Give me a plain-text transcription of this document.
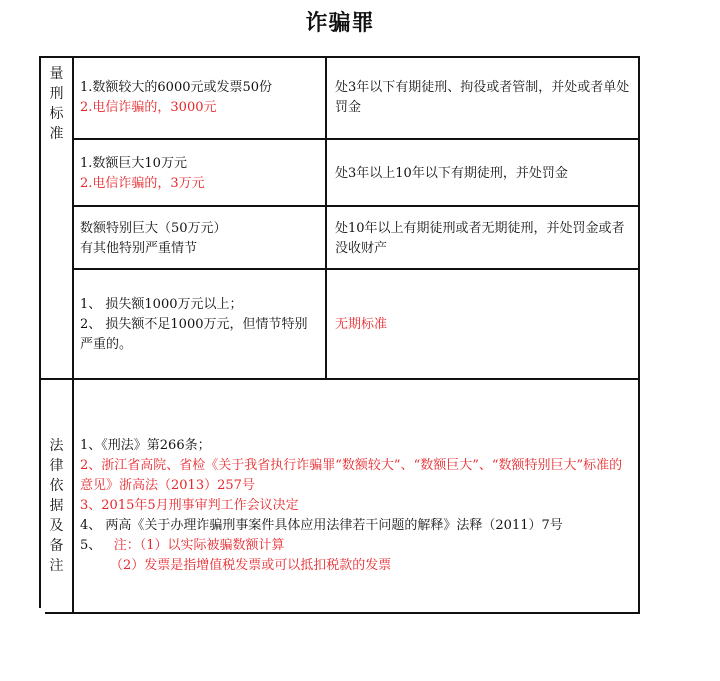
诈骗罪
量
刑
标
准
1.数额较大的6000元或发票50份
2.电信诈骗的，3000元
处3年以下有期徒刑、拘役或者管制，并处或者单处罚金
1.数额巨大10万元
2.电信诈骗的，3万元
处3年以上10年以下有期徒刑，并处罚金
数额特别巨大（50万元）
有其他特别严重情节
处10年以上有期徒刑或者无期徒刑，并处罚金或者没收财产
1、 损失额1000万元以上；
2、 损失额不足1000万元，但情节特别严重的。
无期标准
法
律
依
据
及
备
注
1、《刑法》第266条；
2、浙江省高院、省检《关于我省执行诈骗罪“数额较大”、“数额巨大”、“数额特别巨大”标准的意见》浙高法（2013）257号
3、2015年5月刑事审判工作会议决定
4、 两高《关于办理诈骗刑事案件具体应用法律若干问题的解释》法释（2011）7号
5、 注：（1）以实际被骗数额计算
（2）发票是指增值税发票或可以抵扣税款的发票
